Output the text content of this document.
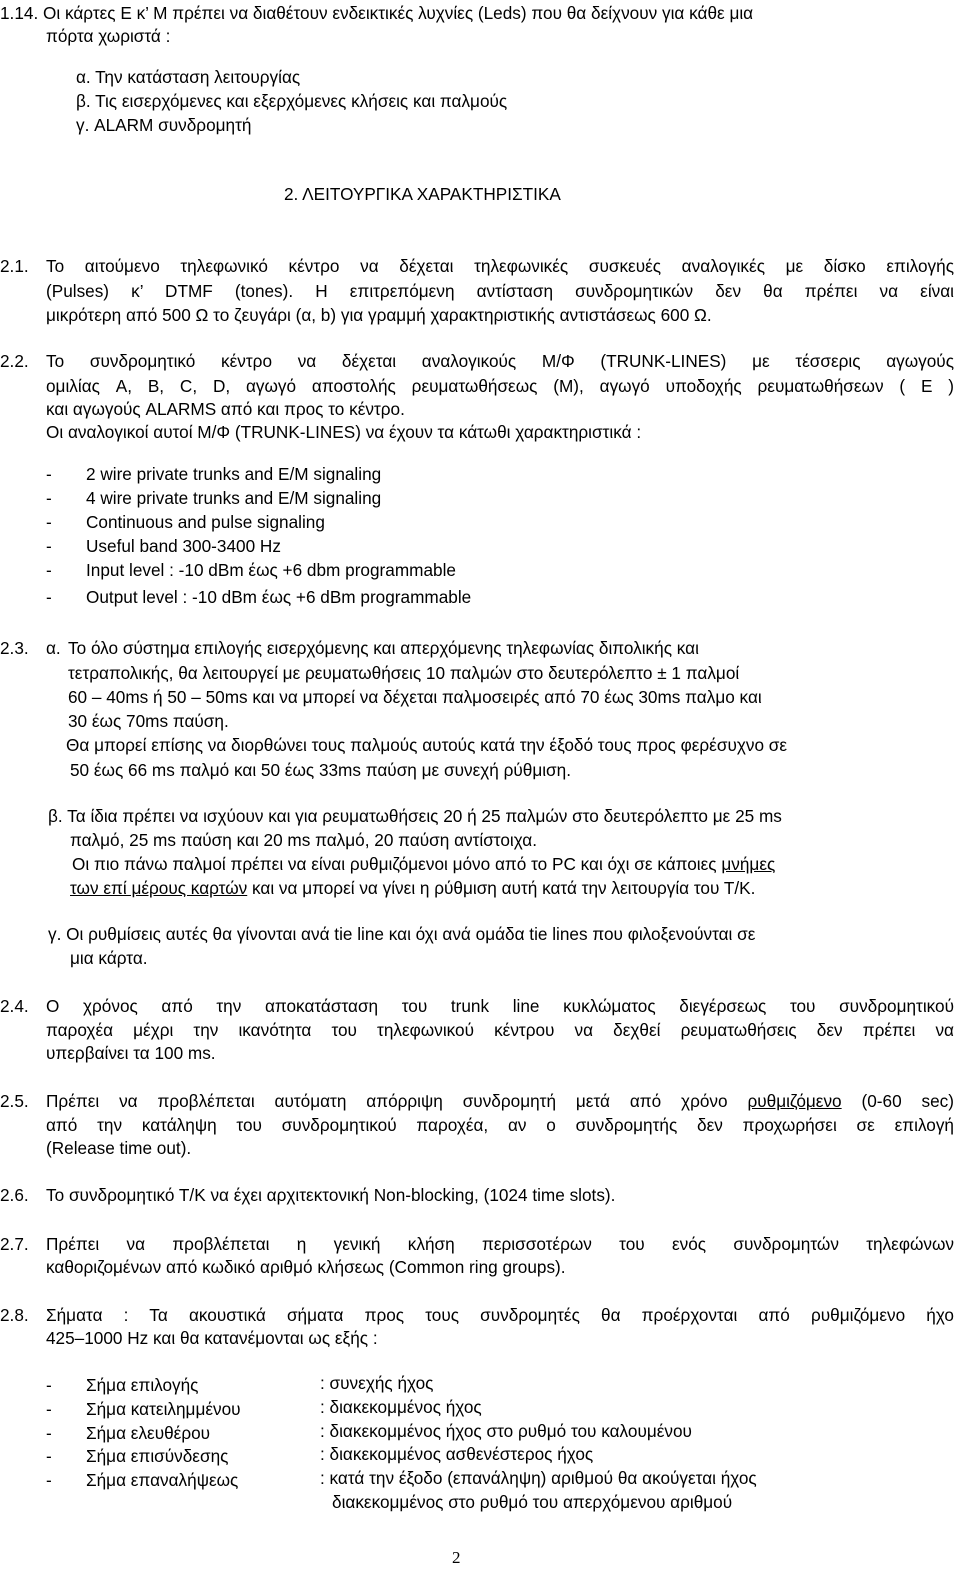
1.14. Οι κάρτες Ε κ’ Μ πρέπει να διαθέτουν ενδεικτικές λυχνίες (Leds) που θα δείχνουν για κάθε μια
πόρτα χωριστά :
α. Την κατάσταση λειτουργίας
β. Τις εισερχόμενες και εξερχόμενες κλήσεις και παλμούς
γ. ALARM συνδρομητή
2. ΛΕΙΤΟΥΡΓΙΚΑ ΧΑΡΑΚΤΗΡΙΣΤΙΚΑ
2.1. Το αιτούμενο τηλεφωνικό κέντρο να δέχεται τηλεφωνικές συσκευές αναλογικές με δίσκο επιλογής
(Pulses) κ’ DTMF (tones). Η επιτρεπόμενη αντίσταση συνδρομητικών δεν θα πρέπει να είναι
μικρότερη από 500 Ω το ζευγάρι (α, b) για γραμμή χαρακτηριστικής αντιστάσεως 600 Ω.
2.2. Το συνδρομητικό κέντρο να δέχεται αναλογικούς Μ/Φ (TRUNK-LINES) με τέσσερις αγωγούς
ομιλίας A, B, C, D, αγωγό αποστολής ρευματωθήσεως (M), αγωγό υποδοχής ρευματωθήσεων ( E )
και αγωγούς ALARMS από και προς το κέντρο.
Οι αναλογικοί αυτοί Μ/Φ (TRUNK-LINES) να έχουν τα κάτωθι χαρακτηριστικά :
- 2 wire private trunks and E/M signaling
- 4 wire private trunks and E/M signaling
- Continuous and pulse signaling
- Useful band 300-3400 Hz
- Input level : -10 dBm έως +6 dbm programmable
- Output level : -10 dBm έως +6 dBm programmable
2.3. α. Το όλο σύστημα επιλογής εισερχόμενης και απερχόμενης τηλεφωνίας διπολικής και
τετραπολικής, θα λειτουργεί με ρευματωθήσεις 10 παλμών στο δευτερόλεπτο ± 1 παλμοί
60 – 40ms ή 50 – 50ms και να μπορεί να δέχεται παλμοσειρές από 70 έως 30ms παλμο και
30 έως 70ms παύση.
Θα μπορεί επίσης να διορθώνει τους παλμούς αυτούς κατά την έξοδό τους προς φερέσυχνο σε
50 έως 66 ms παλμό και 50 έως 33ms παύση με συνεχή ρύθμιση.
β. Τα ίδια πρέπει να ισχύουν και για ρευματωθήσεις 20 ή 25 παλμών στο δευτερόλεπτο με 25 ms
παλμό, 25 ms παύση και 20 ms παλμό, 20 παύση αντίστοιχα.
Οι πιο πάνω παλμοί πρέπει να είναι ρυθμιζόμενοι μόνο από το PC και όχι σε κάποιες μνήμες
των επί μέρους καρτών και να μπορεί να γίνει η ρύθμιση αυτή κατά την λειτουργία του Τ/Κ.
γ. Οι ρυθμίσεις αυτές θα γίνονται ανά tie line και όχι ανά ομάδα tie lines που φιλοξενούνται σε
μια κάρτα.
2.4. Ο χρόνος από την αποκατάσταση του trunk line κυκλώματος διεγέρσεως του συνδρομητικού
παροχέα μέχρι την ικανότητα του τηλεφωνικού κέντρου να δεχθεί ρευματωθήσεις δεν πρέπει να
υπερβαίνει τα 100 ms.
2.5. Πρέπει να προβλέπεται αυτόματη απόρριψη συνδρομητή μετά από χρόνο ρυθμιζόμενο (0-60 sec)
από την κατάληψη του συνδρομητικού παροχέα, αν ο συνδρομητής δεν προχωρήσει σε επιλογή
(Release time out).
2.6. Το συνδρομητικό Τ/Κ να έχει αρχιτεκτονική Non-blocking, (1024 time slots).
2.7. Πρέπει να προβλέπεται η γενική κλήση περισσοτέρων του ενός συνδρομητών τηλεφώνων
καθοριζομένων από κωδικό αριθμό κλήσεως (Common ring groups).
2.8. Σήματα : Τα ακουστικά σήματα προς τους συνδρομητές θα προέρχονται από ρυθμιζόμενο ήχο
425–1000 Hz και θα κατανέμονται ως εξής :
- Σήμα επιλογής	: συνεχής ήχος
- Σήμα κατειλημμένου	: διακεκομμένος ήχος
- Σήμα ελευθέρου	: διακεκομμένος ήχος στο ρυθμό του καλουμένου
- Σήμα επισύνδεσης	: διακεκομμένος ασθενέστερος ήχος
- Σήμα επαναλήψεως	: κατά την έξοδο (επανάληψη) αριθμού θα ακούγεται ήχος
διακεκομμένος στο ρυθμό του απερχόμενου αριθμού
2
